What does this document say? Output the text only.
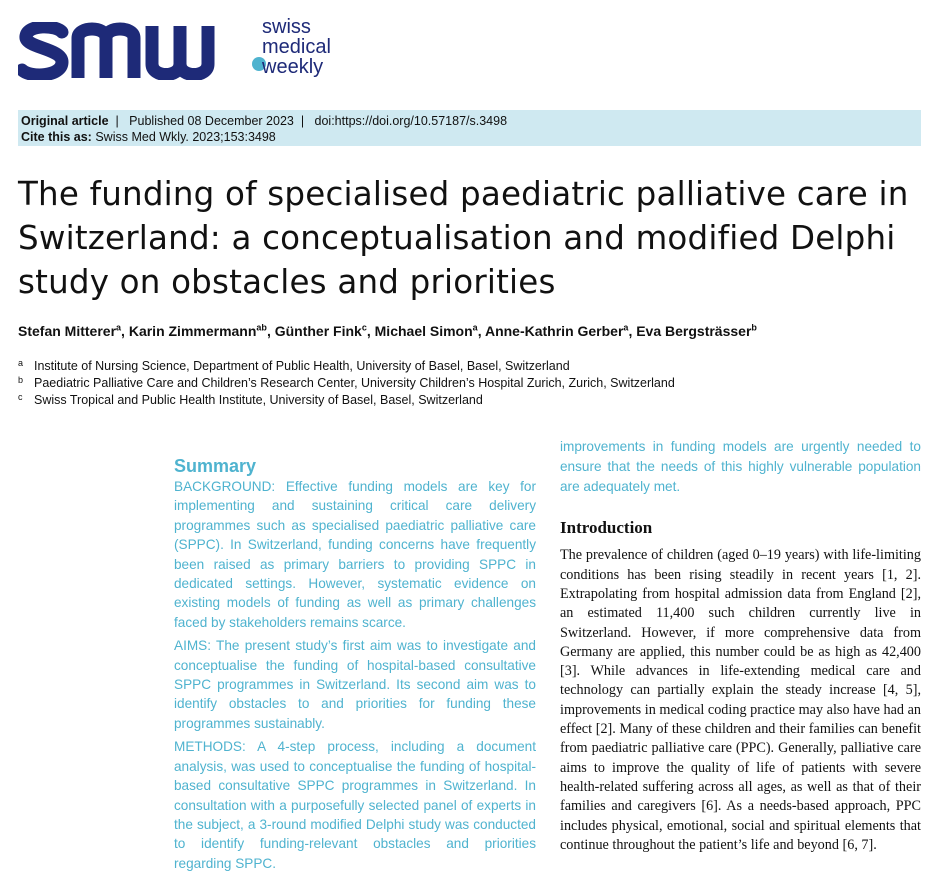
swiss
medical
weekly
Original article  |   Published 08 December 2023  |   doi:https://doi.org/10.57187/s.3498
Cite this as: Swiss Med Wkly. 2023;153:3498
The funding of specialised paediatric palliative care in Switzerland: a conceptualisation and modified Delphi study on obstacles and priorities
Stefan Mitterer$^a$, Karin Zimmermann$^{ab}$, Günther Fink$^c$, Michael Simon$^a$, Anne-Kathrin Gerber$^a$, Eva Bergsträsser$^b$
a Institute of Nursing Science, Department of Public Health, University of Basel, Basel, Switzerland
b Paediatric Palliative Care and Children’s Research Center, University Children’s Hospital Zurich, Zurich, Switzerland
c Swiss Tropical and Public Health Institute, University of Basel, Basel, Switzerland
Summary

BACKGROUND: Effective funding models are key for implementing and sustaining critical care delivery programmes such as specialised paediatric palliative care (SPPC). In Switzerland, funding concerns have frequently been raised as primary barriers to providing SPPC in dedicated settings. However, systematic evidence on existing models of funding as well as primary challenges faced by stakeholders remains scarce.

AIMS: The present study’s first aim was to investigate and conceptualise the funding of hospital-based consultative SPPC programmes in Switzerland. Its second aim was to identify obstacles to and priorities for funding these programmes sustainably.

METHODS: A 4-step process, including a document analysis, was used to conceptualise the funding of hospital-based consultative SPPC programmes in Switzerland. In consultation with a purposefully selected panel of experts in the subject, a 3-round modified Delphi study was conducted to identify funding-relevant obstacles and priorities regarding SPPC.

improvements in funding models are urgently needed to ensure that the needs of this highly vulnerable population are adequately met.

Introduction

The prevalence of children (aged 0–19 years) with life-limiting conditions has been rising steadily in recent years [1, 2]. Extrapolating from hospital admission data from England [2], an estimated 11,400 such children currently live in Switzerland. However, if more comprehensive data from Germany are applied, this number could be as high as 42,400 [3]. While advances in life-extending medical care and technology can partially explain the steady increase [4, 5], improvements in medical coding practice may also have had an effect [2]. Many of these children and their families can benefit from paediatric palliative care (PPC). Generally, palliative care aims to improve the quality of life of patients with severe health-related suffering across all ages, as well as that of their families and caregivers [6]. As a needs-based approach, PPC includes physical, emotional, social and spiritual elements that continue throughout the patient’s life and beyond [6, 7].
